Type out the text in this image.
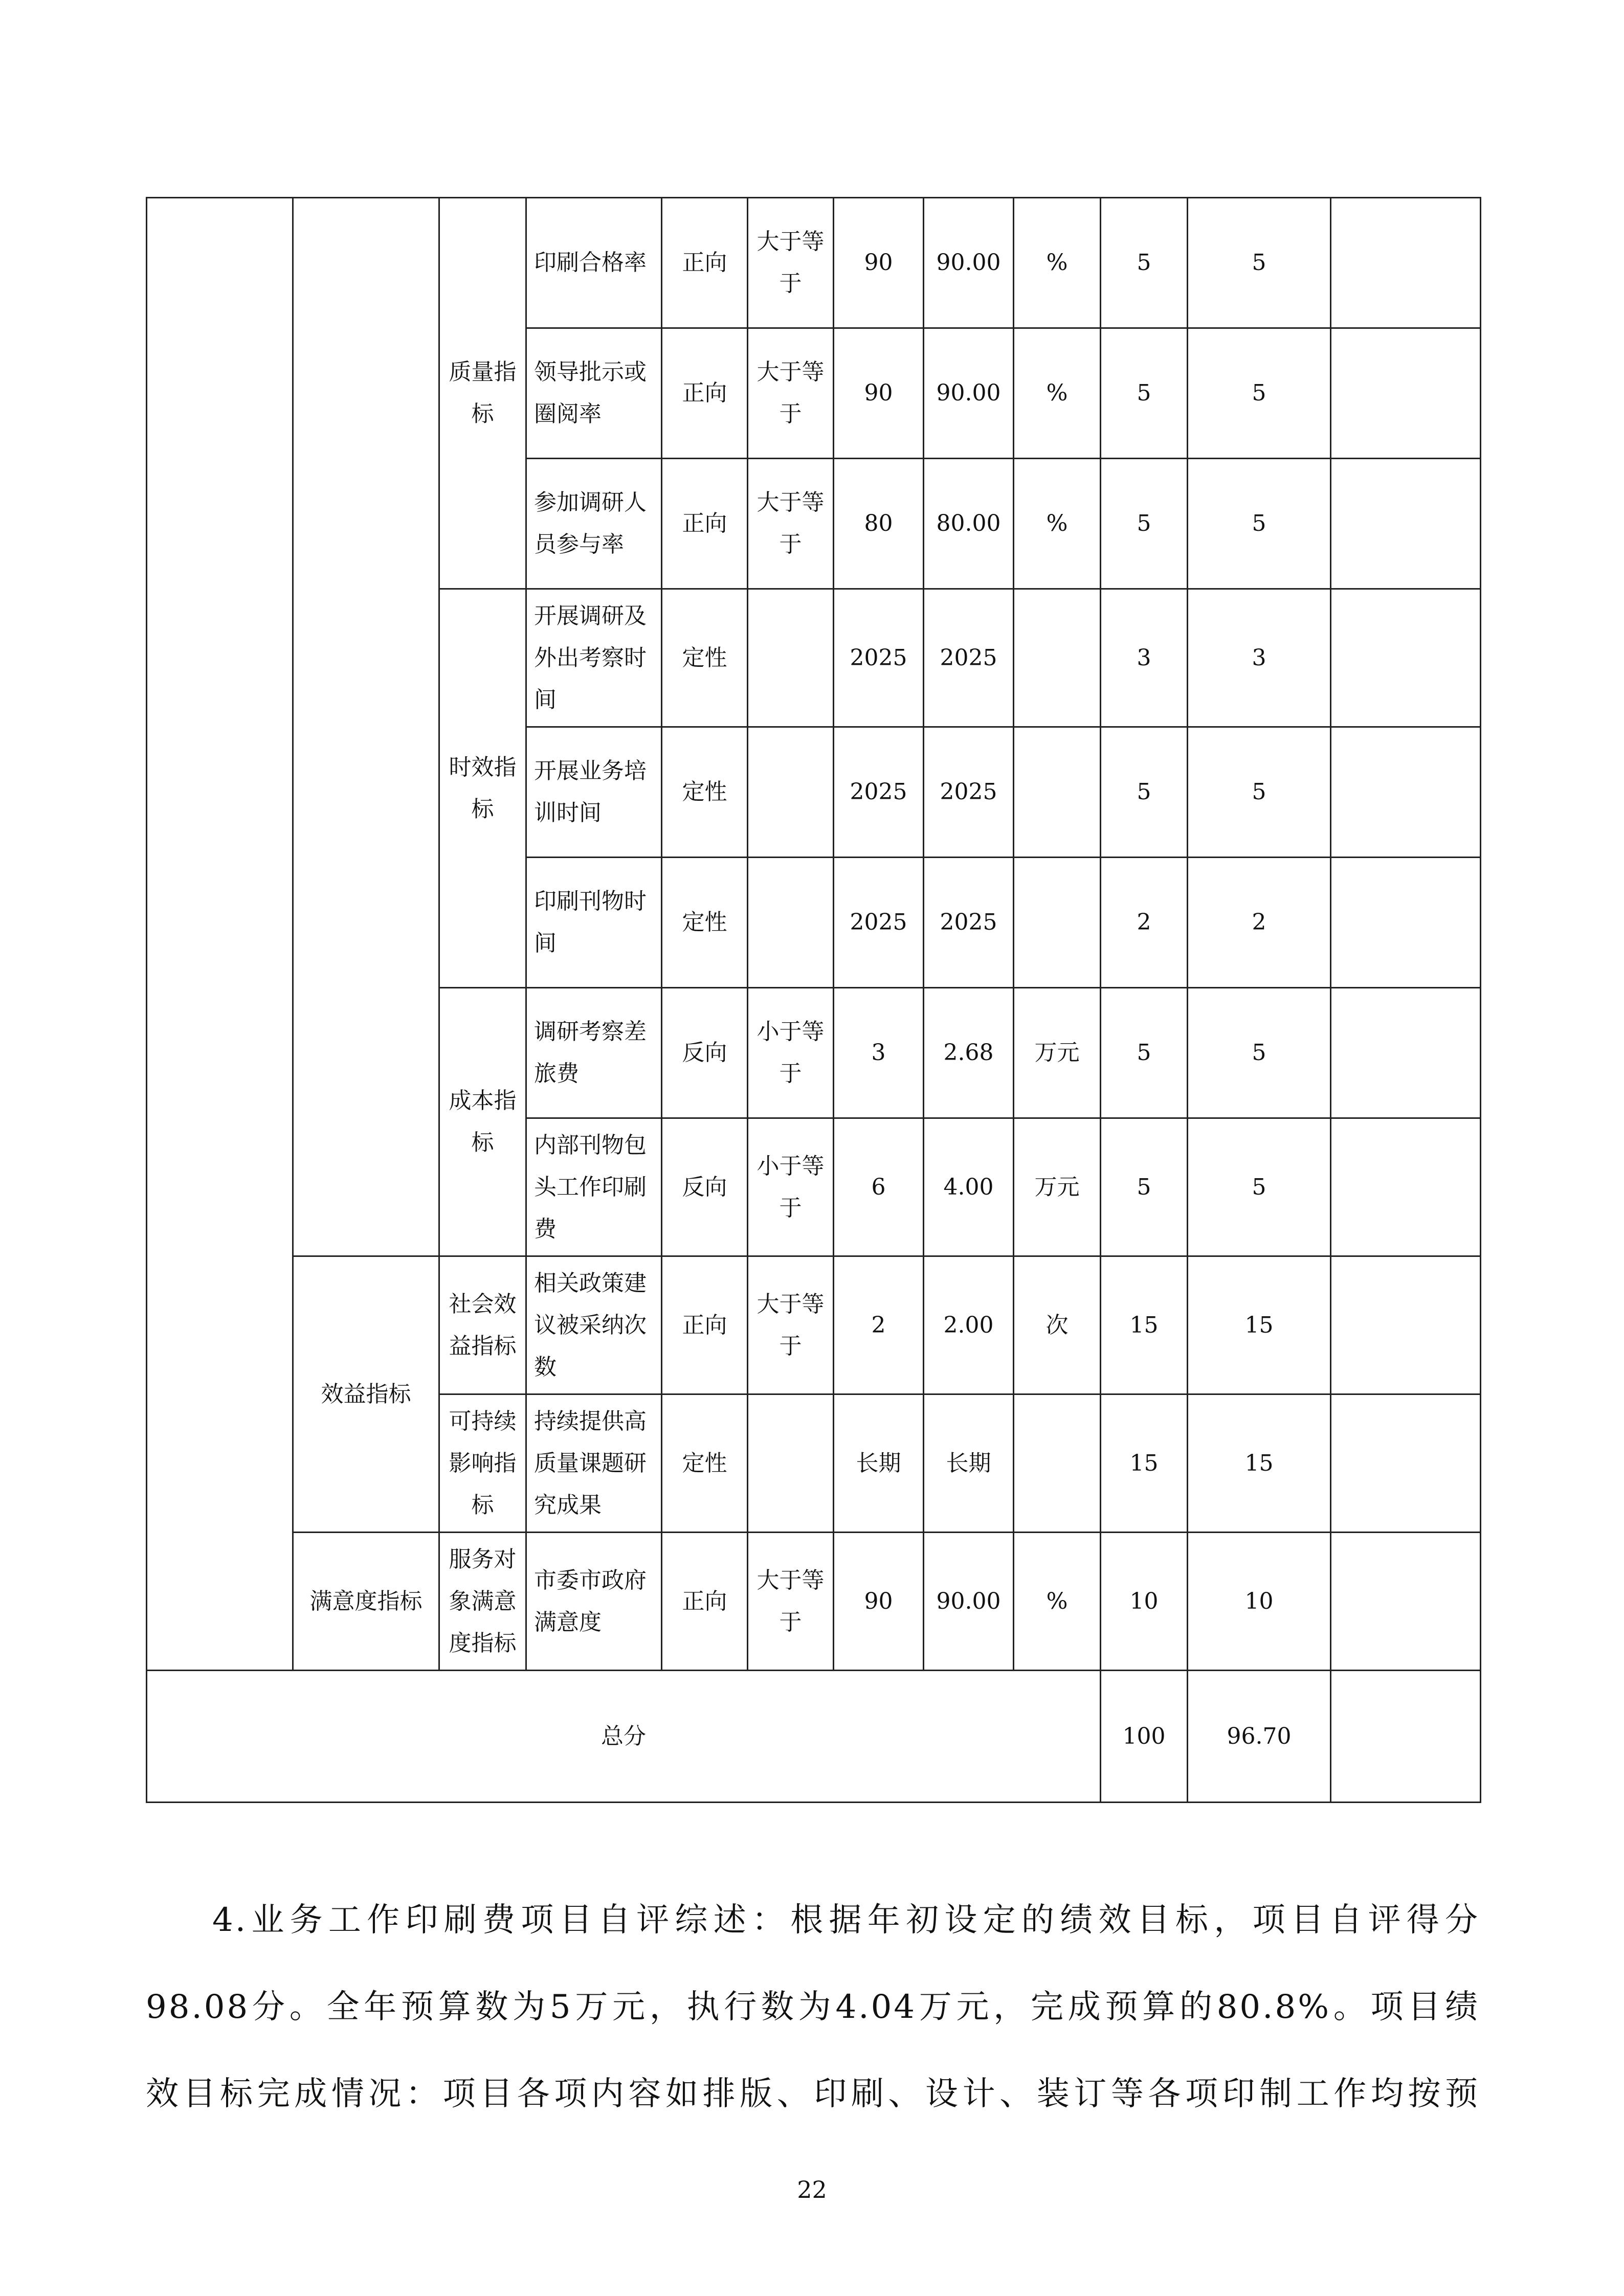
		质量指标	印刷合格率	正向	大于等于	90	90.00	%	5	5	
			领导批示或圈阅率	正向	大于等于	90	90.00	%	5	5	
			参加调研人员参与率	正向	大于等于	80	80.00	%	5	5	
		时效指标	开展调研及外出考察时间	定性		2025	2025		3	3	
			开展业务培训时间	定性		2025	2025		5	5	
			印刷刊物时间	定性		2025	2025		2	2	
		成本指标	调研考察差旅费	反向	小于等于	3	2.68	万元	5	5	
			内部刊物包头工作印刷费	反向	小于等于	6	4.00	万元	5	5	
	效益指标	社会效益指标	相关政策建议被采纳次数	正向	大于等于	2	2.00	次	15	15	
		可持续影响指标	持续提供高质量课题研究成果	定性		长期	长期		15	15	
	满意度指标	服务对象满意度指标	市委市政府满意度	正向	大于等于	90	90.00	%	10	10	
总分									100	96.70	
4.业务工作印刷费项目自评综述：根据年初设定的绩效目标，项目自评得分
98.08分。全年预算数为5万元，执行数为4.04万元，完成预算的80.8%。项目绩
效目标完成情况：项目各项内容如排版、印刷、设计、装订等各项印制工作均按预
22
